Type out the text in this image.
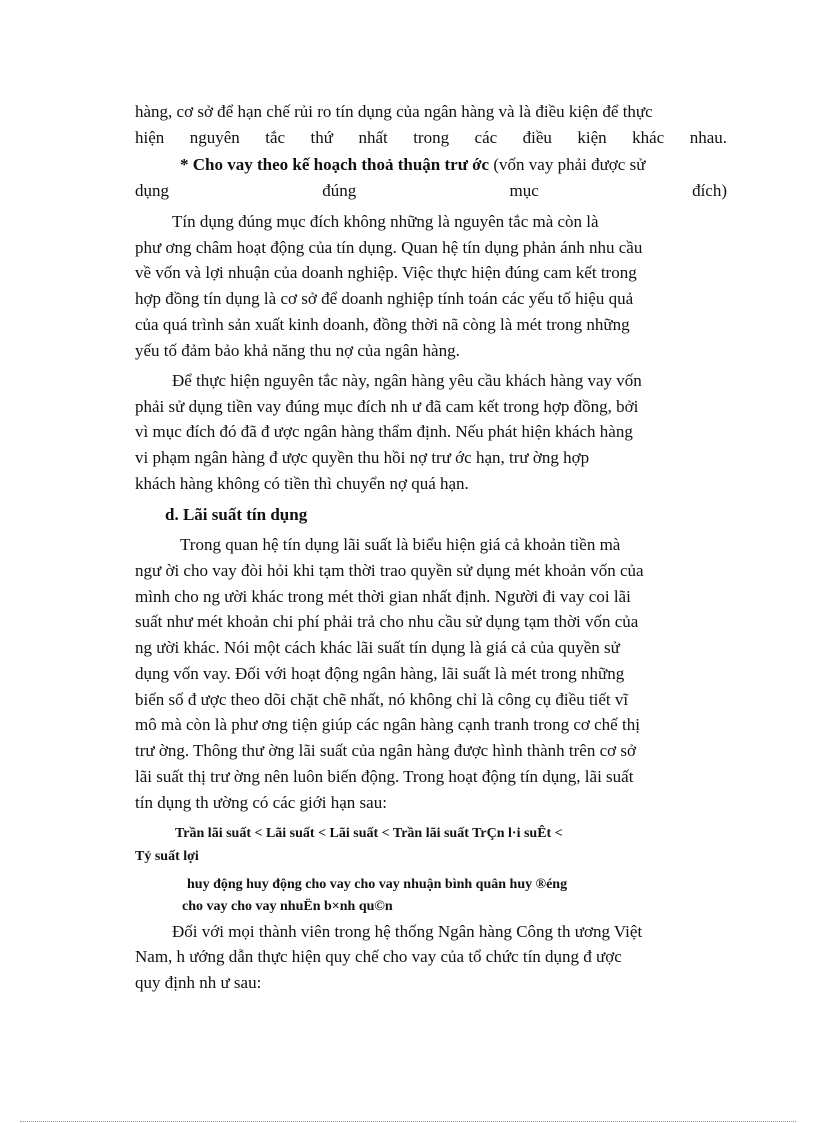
hàng, cơ sở để hạn chế rủi ro tín dụng của ngân hàng và là điều kiện để thực
hiện nguyên tắc thứ nhất trong các điều kiện khác nhau.
* Cho vay theo kế hoạch thoả thuận trư ớc (vốn vay phải được sử
dụng đúng mục đích)
Tín dụng đúng mục đích không những là nguyên tắc mà còn là
phư ơng châm hoạt động của tín dụng. Quan hệ tín dụng phản ánh nhu cầu
về vốn và lợi nhuận của doanh nghiệp. Việc thực hiện đúng cam kết trong
hợp đồng tín dụng là cơ sở để doanh nghiệp tính toán các yếu tố hiệu quả
của quá trình sản xuất kinh doanh, đồng thời nã còng là mét trong những
yếu tố đảm bảo khả năng thu nợ của ngân hàng.
Để thực hiện nguyên tắc này, ngân hàng yêu cầu khách hàng vay vốn
phải sử dụng tiền vay đúng mục đích nh ư đã cam kết trong hợp đồng, bởi
vì mục đích đó đã đ ược ngân hàng thẩm định. Nếu phát hiện khách hàng
vi phạm ngân hàng đ ược quyền thu hồi nợ trư ớc hạn, trư ờng hợp
khách hàng không có tiền thì chuyển nợ quá hạn.
d. Lãi suất tín dụng
Trong quan hệ tín dụng lãi suất là biểu hiện giá cả khoản tiền mà
ngư ời cho vay đòi hỏi khi tạm thời trao quyền sử dụng mét khoản vốn của
mình cho ng ười khác trong mét thời gian nhất định. Người đi vay coi lãi
suất như mét khoản chi phí phải trả cho nhu cầu sử dụng tạm thời vốn của
ng ười khác. Nói một cách khác lãi suất tín dụng là giá cả của quyền sử
dụng vốn vay. Đối với hoạt động ngân hàng, lãi suất là mét trong những
biến số đ ược theo dõi chặt chẽ nhất, nó không chỉ là công cụ điều tiết vĩ
mô mà còn là phư ơng tiện giúp các ngân hàng cạnh tranh trong cơ chế thị
trư ờng. Thông thư ờng lãi suất của ngân hàng được hình thành trên cơ sở
lãi suất thị trư ờng nên luôn biến động. Trong hoạt động tín dụng, lãi suất
tín dụng th ường có các giới hạn sau:
Trần lãi suất < Lãi suất < Lãi suất < Trần lãi suất TrÇn l·i suÊt <
Tỷ suất lợi
huy động huy động cho vay cho vay nhuận bình quân huy ®éng
cho vay cho vay nhuËn b×nh qu©n
Đối với mọi thành viên trong hệ thống Ngân hàng Công th ương Việt
Nam, h ướng dẫn thực hiện quy chế cho vay của tổ chức tín dụng đ ược
quy định nh ư sau:
